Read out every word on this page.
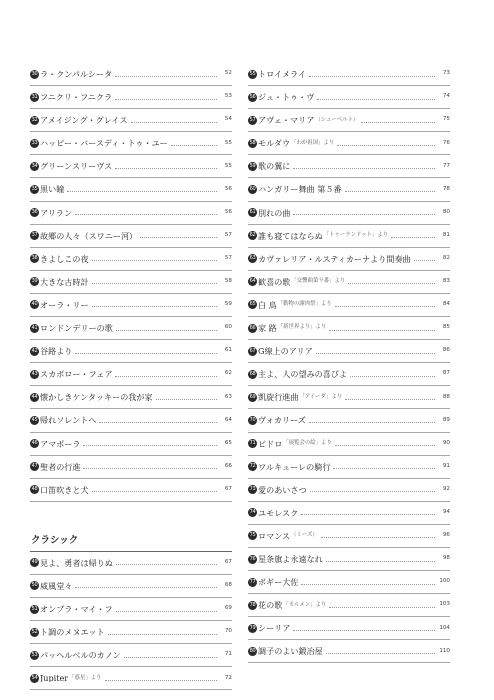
30 ラ・クンパルシータ	52
31 フニクリ・フニクラ	53
32 アメイジング・グレイス	54
33 ハッピー・バースディ・トゥ・ユー	55
34 グリーンスリーヴス	55
35 黒い瞳	56
36 アリラン	56
37 故郷の人々（スワニー河）	57
38 きよしこの夜	57
39 大きな古時計	58
40 オーラ・リー	59
41 ロンドンデリーの歌	60
42 谷路より	61
43 スカボロー・フェア	62
44 懐かしきケンタッキーの我が家	63
45 帰れソレントへ	64
46 アマポーラ	65
47 聖者の行進	66
48 口笛吹きと犬	67
クラシック
49 見よ、勇者は帰りぬ	67
50 威風堂々	68
51 オンブラ・マイ・フ	69
52 ト調のメヌエット	70
53 パッヘルベルのカノン	71
54 Jupiter 「惑星」より	72
55 トロイメライ	73
56 ジュ・トゥ・ヴ	74
57 アヴェ・マリア （シューベルト）	75
58 モルダウ 「わが祖国」より	76
59 歌の翼に	77
60 ハンガリー舞曲 第５番	78
61 別れの曲	80
62 誰も寝てはならぬ 「トゥーランドット」より	81
63 カヴァレリア・ルスティカーナより間奏曲	82
64 歓喜の歌 「交響曲第９番」より	83
65 白 鳥 「動物の謝肉祭」より	84
66 家 路 「新世界より」より	85
67 G線上のアリア	86
68 主よ、人の望みの喜びよ	87
69 凱旋行進曲 「アイーダ」より	88
70 ヴォカリーズ	89
71 ビドロ 「展覧会の絵」より	90
72 ワルキューレの騎行	91
73 愛のあいさつ	92
74 ユモレスク	94
75 ロマンス （ミーズ）	96
76 星条旗よ永遠なれ	98
77 ボギー大佐	100
78 花の歌 「カルメン」より	103
79 シーリア	104
80 調子のよい鍛冶屋	110
